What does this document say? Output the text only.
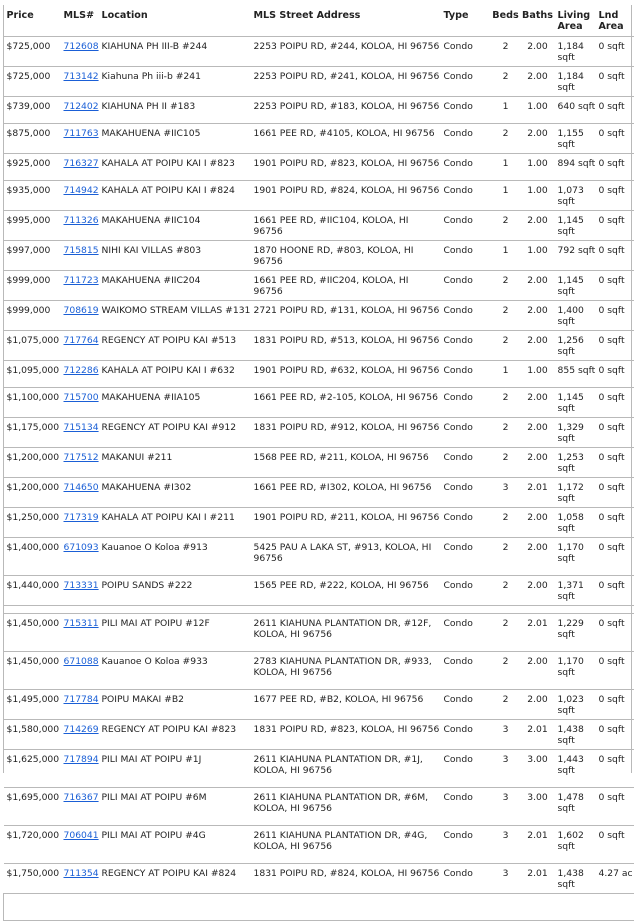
Price	MLS#	Location	MLS Street Address	Type	Beds	Baths	Living Area	Lnd Area
$725,000	712608	KIAHUNA PH III-B #244	2253 POIPU RD, #244, KOLOA, HI 96756	Condo	2	2.00	1,184 sqft	0 sqft
$725,000	713142	Kiahuna Ph iii-b #241	2253 POIPU RD, #241, KOLOA, HI 96756	Condo	2	2.00	1,184 sqft	0 sqft
$739,000	712402	KIAHUNA PH II #183	2253 POIPU RD, #183, KOLOA, HI 96756	Condo	1	1.00	640 sqft	0 sqft
$875,000	711763	MAKAHUENA #IIC105	1661 PEE RD, #4105, KOLOA, HI 96756	Condo	2	2.00	1,155 sqft	0 sqft
$925,000	716327	KAHALA AT POIPU KAI I #823	1901 POIPU RD, #823, KOLOA, HI 96756	Condo	1	1.00	894 sqft	0 sqft
$935,000	714942	KAHALA AT POIPU KAI I #824	1901 POIPU RD, #824, KOLOA, HI 96756	Condo	1	1.00	1,073 sqft	0 sqft
$995,000	711326	MAKAHUENA #IIC104	1661 PEE RD, #IIC104, KOLOA, HI 96756	Condo	2	2.00	1,145 sqft	0 sqft
$997,000	715815	NIHI KAI VILLAS #803	1870 HOONE RD, #803, KOLOA, HI 96756	Condo	1	1.00	792 sqft	0 sqft
$999,000	711723	MAKAHUENA #IIC204	1661 PEE RD, #IIC204, KOLOA, HI 96756	Condo	2	2.00	1,145 sqft	0 sqft
$999,000	708619	WAIKOMO STREAM VILLAS #131	2721 POIPU RD, #131, KOLOA, HI 96756	Condo	2	2.00	1,400 sqft	0 sqft
$1,075,000	717764	REGENCY AT POIPU KAI #513	1831 POIPU RD, #513, KOLOA, HI 96756	Condo	2	2.00	1,256 sqft	0 sqft
$1,095,000	712286	KAHALA AT POIPU KAI I #632	1901 POIPU RD, #632, KOLOA, HI 96756	Condo	1	1.00	855 sqft	0 sqft
$1,100,000	715700	MAKAHUENA #IIA105	1661 PEE RD, #2-105, KOLOA, HI 96756	Condo	2	2.00	1,145 sqft	0 sqft
$1,175,000	715134	REGENCY AT POIPU KAI #912	1831 POIPU RD, #912, KOLOA, HI 96756	Condo	2	2.00	1,329 sqft	0 sqft
$1,200,000	717512	MAKANUI #211	1568 PEE RD, #211, KOLOA, HI 96756	Condo	2	2.00	1,253 sqft	0 sqft
$1,200,000	714650	MAKAHUENA #I302	1661 PEE RD, #I302, KOLOA, HI 96756	Condo	3	2.01	1,172 sqft	0 sqft
$1,250,000	717319	KAHALA AT POIPU KAI I #211	1901 POIPU RD, #211, KOLOA, HI 96756	Condo	2	2.00	1,058 sqft	0 sqft
$1,400,000	671093	Kauanoe O Koloa #913	5425 PAU A LAKA ST, #913, KOLOA, HI 96756	Condo	2	2.00	1,170 sqft	0 sqft
$1,440,000	713331	POIPU SANDS #222	1565 PEE RD, #222, KOLOA, HI 96756	Condo	2	2.00	1,371 sqft	0 sqft

$1,450,000	715311	PILI MAI AT POIPU #12F	2611 KIAHUNA PLANTATION DR, #12F, KOLOA, HI 96756	Condo	2	2.01	1,229 sqft	0 sqft
$1,450,000	671088	Kauanoe O Koloa #933	2783 KIAHUNA PLANTATION DR, #933, KOLOA, HI 96756	Condo	2	2.00	1,170 sqft	0 sqft
$1,495,000	717784	POIPU MAKAI #B2	1677 PEE RD, #B2, KOLOA, HI 96756	Condo	2	2.00	1,023 sqft	0 sqft
$1,580,000	714269	REGENCY AT POIPU KAI #823	1831 POIPU RD, #823, KOLOA, HI 96756	Condo	3	2.01	1,438 sqft	0 sqft
$1,625,000	717894	PILI MAI AT POIPU #1J	2611 KIAHUNA PLANTATION DR, #1J, KOLOA, HI 96756	Condo	3	3.00	1,443 sqft	0 sqft
$1,695,000	716367	PILI MAI AT POIPU #6M	2611 KIAHUNA PLANTATION DR, #6M, KOLOA, HI 96756	Condo	3	3.00	1,478 sqft	0 sqft
$1,720,000	706041	PILI MAI AT POIPU #4G	2611 KIAHUNA PLANTATION DR, #4G, KOLOA, HI 96756	Condo	3	2.01	1,602 sqft	0 sqft
$1,750,000	711354	REGENCY AT POIPU KAI #824	1831 POIPU RD, #824, KOLOA, HI 96756	Condo	3	2.01	1,438 sqft	4.27 ac
